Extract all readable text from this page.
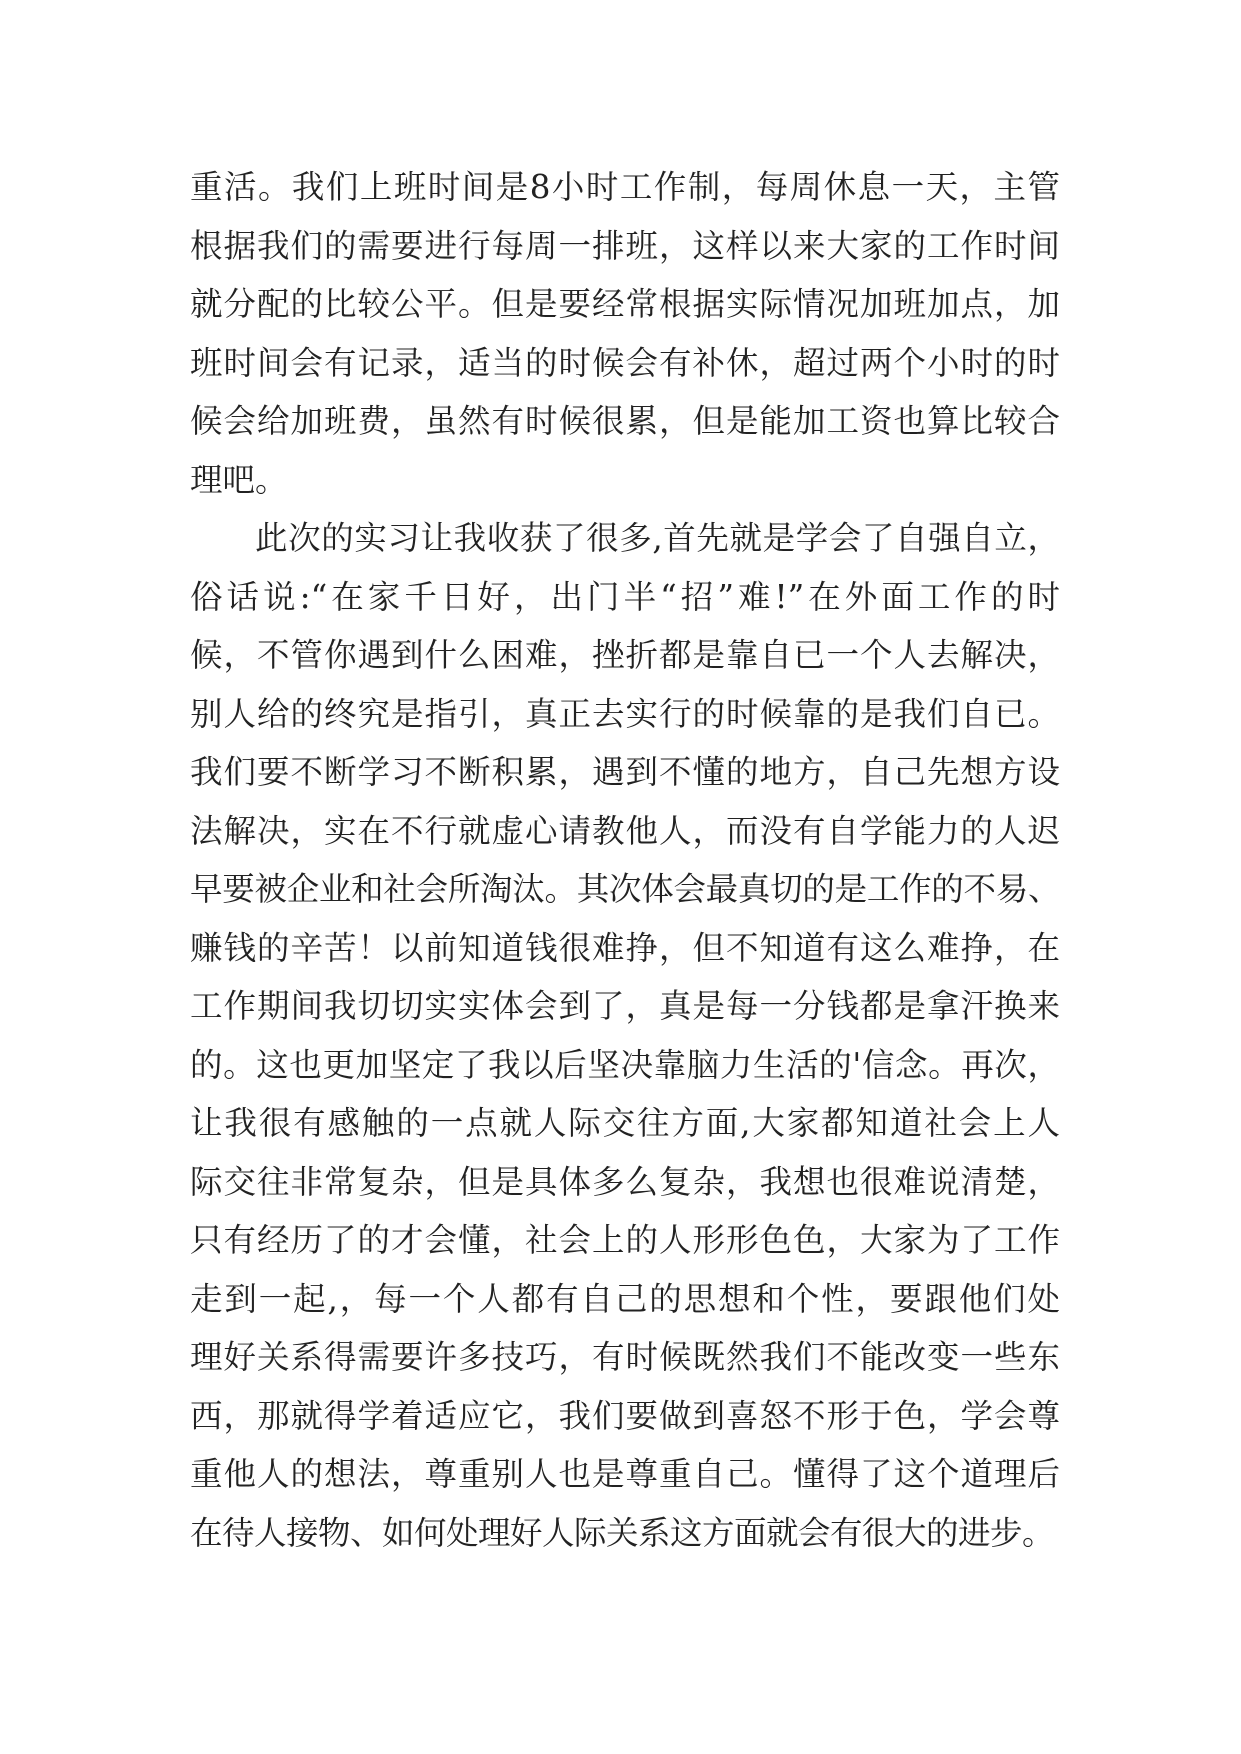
重活。我们上班时间是8小时工作制，每周休息一天，主管
根据我们的需要进行每周一排班，这样以来大家的工作时间
就分配的比较公平。但是要经常根据实际情况加班加点，加
班时间会有记录，适当的时候会有补休，超过两个小时的时
候会给加班费，虽然有时候很累，但是能加工资也算比较合
理吧。
此次的实习让我收获了很多,首先就是学会了自强自立，
俗话说:“在家千日好，出门半“招”难!”在外面工作的时
候，不管你遇到什么困难，挫折都是靠自已一个人去解决，
别人给的终究是指引，真正去实行的时候靠的是我们自已。
我们要不断学习不断积累，遇到不懂的地方，自己先想方设
法解决，实在不行就虚心请教他人，而没有自学能力的人迟
早要被企业和社会所淘汰。其次体会最真切的是工作的不易、
赚钱的辛苦！以前知道钱很难挣，但不知道有这么难挣，在
工作期间我切切实实体会到了，真是每一分钱都是拿汗换来
的。这也更加坚定了我以后坚决靠脑力生活的'信念。再次，
让我很有感触的一点就人际交往方面,大家都知道社会上人
际交往非常复杂，但是具体多么复杂，我想也很难说清楚，
只有经历了的才会懂，社会上的人形形色色，大家为了工作
走到一起,，每一个人都有自己的思想和个性，要跟他们处
理好关系得需要许多技巧，有时候既然我们不能改变一些东
西，那就得学着适应它，我们要做到喜怒不形于色，学会尊
重他人的想法，尊重别人也是尊重自己。懂得了这个道理后
在待人接物、如何处理好人际关系这方面就会有很大的进步。
